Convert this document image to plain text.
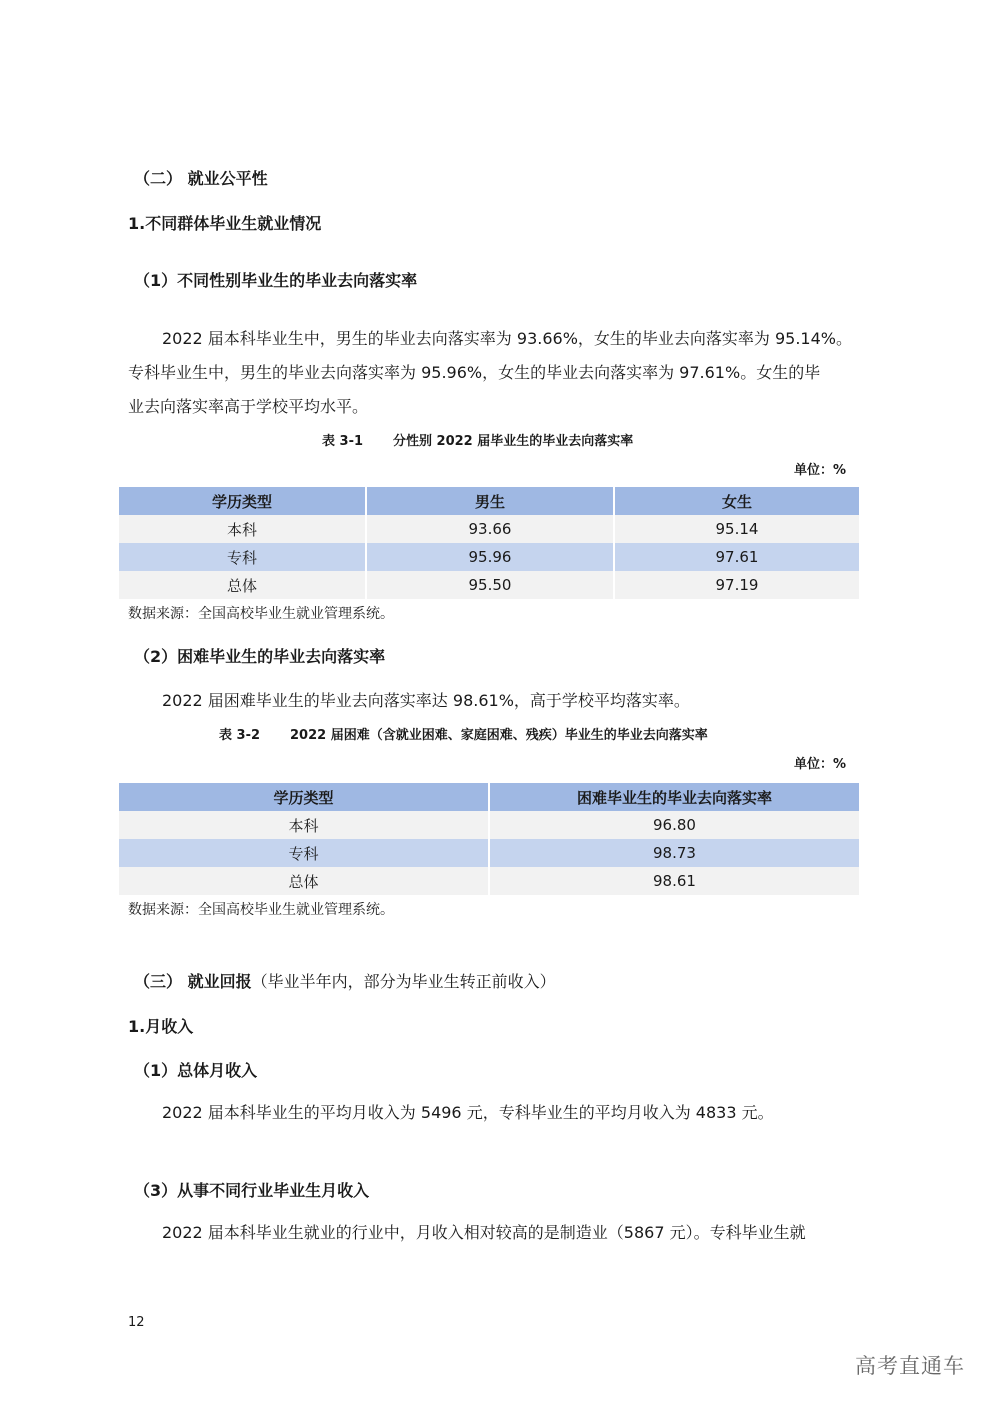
（二） 就业公平性
1.不同群体毕业生就业情况
（1）不同性别毕业生的毕业去向落实率
2022 届本科毕业生中，男生的毕业去向落实率为 93.66%，女生的毕业去向落实率为 95.14%。
专科毕业生中，男生的毕业去向落实率为 95.96%，女生的毕业去向落实率为 97.61%。女生的毕
业去向落实率高于学校平均水平。
表 3-1 分性别 2022 届毕业生的毕业去向落实率
单位：%
学历类型	男生	女生
本科	93.66	95.14
专科	95.96	97.61
总体	95.50	97.19
数据来源：全国高校毕业生就业管理系统。
（2）困难毕业生的毕业去向落实率
2022 届困难毕业生的毕业去向落实率达 98.61%，高于学校平均落实率。
表 3-2 2022 届困难（含就业困难、家庭困难、残疾）毕业生的毕业去向落实率
单位：%
学历类型	困难毕业生的毕业去向落实率
本科	96.80
专科	98.73
总体	98.61
数据来源：全国高校毕业生就业管理系统。
（三） 就业回报（毕业半年内，部分为毕业生转正前收入）
1.月收入
（1）总体月收入
2022 届本科毕业生的平均月收入为 5496 元，专科毕业生的平均月收入为 4833 元。
（3）从事不同行业毕业生月收入
2022 届本科毕业生就业的行业中，月收入相对较高的是制造业（5867 元）。专科毕业生就
12
高考直通车
